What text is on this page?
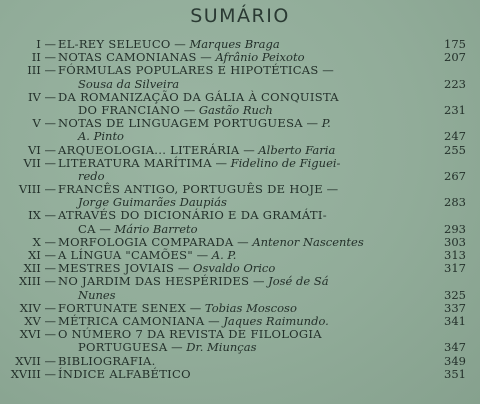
SUMÁRIO
I — EL-REY SELEUCO — Marques Braga	175
II — NOTAS CAMONIANAS — Afrânio Peixoto	207
III — FÓRMULAS POPULARES E HIPOTÉTICAS —
Sousa da Silveira	223
IV — DA ROMANIZAÇÃO DA GÁLIA À CONQUISTA
DO FRANCIANO — Gastão Ruch	231
V — NOTAS DE LINGUAGEM PORTUGUESA — P.
A. Pinto	247
VI — ARQUEOLOGIA... LITERÁRIA — Alberto Faria	255
VII — LITERATURA MARÍTIMA — Fidelino de Figuei-
redo	267
VIII — FRANCÊS ANTIGO, PORTUGUÊS DE HOJE —
Jorge Guimarães Daupiás	283
IX — ATRAVÉS DO DICIONÁRIO E DA GRAMÁTI-
CA — Mário Barreto	293
X — MORFOLOGIA COMPARADA — Antenor Nascentes	303
XI — A LÍNGUA "CAMÕES" — A. P.	313
XII — MESTRES JOVIAIS — Osvaldo Orico	317
XIII — NO JARDIM DAS HESPÉRIDES — José de Sá
Nunes	325
XIV — FORTUNATE SENEX — Tobias Moscoso	337
XV — MÉTRICA CAMONIANA — Jaques Raimundo.	341
XVI — O NÚMERO 7 DA REVISTA DE FILOLOGIA
PORTUGUESA — Dr. Miunças	347
XVII — BIBLIOGRAFIA.	349
XVIII — ÍNDICE ALFABÉTICO	351
